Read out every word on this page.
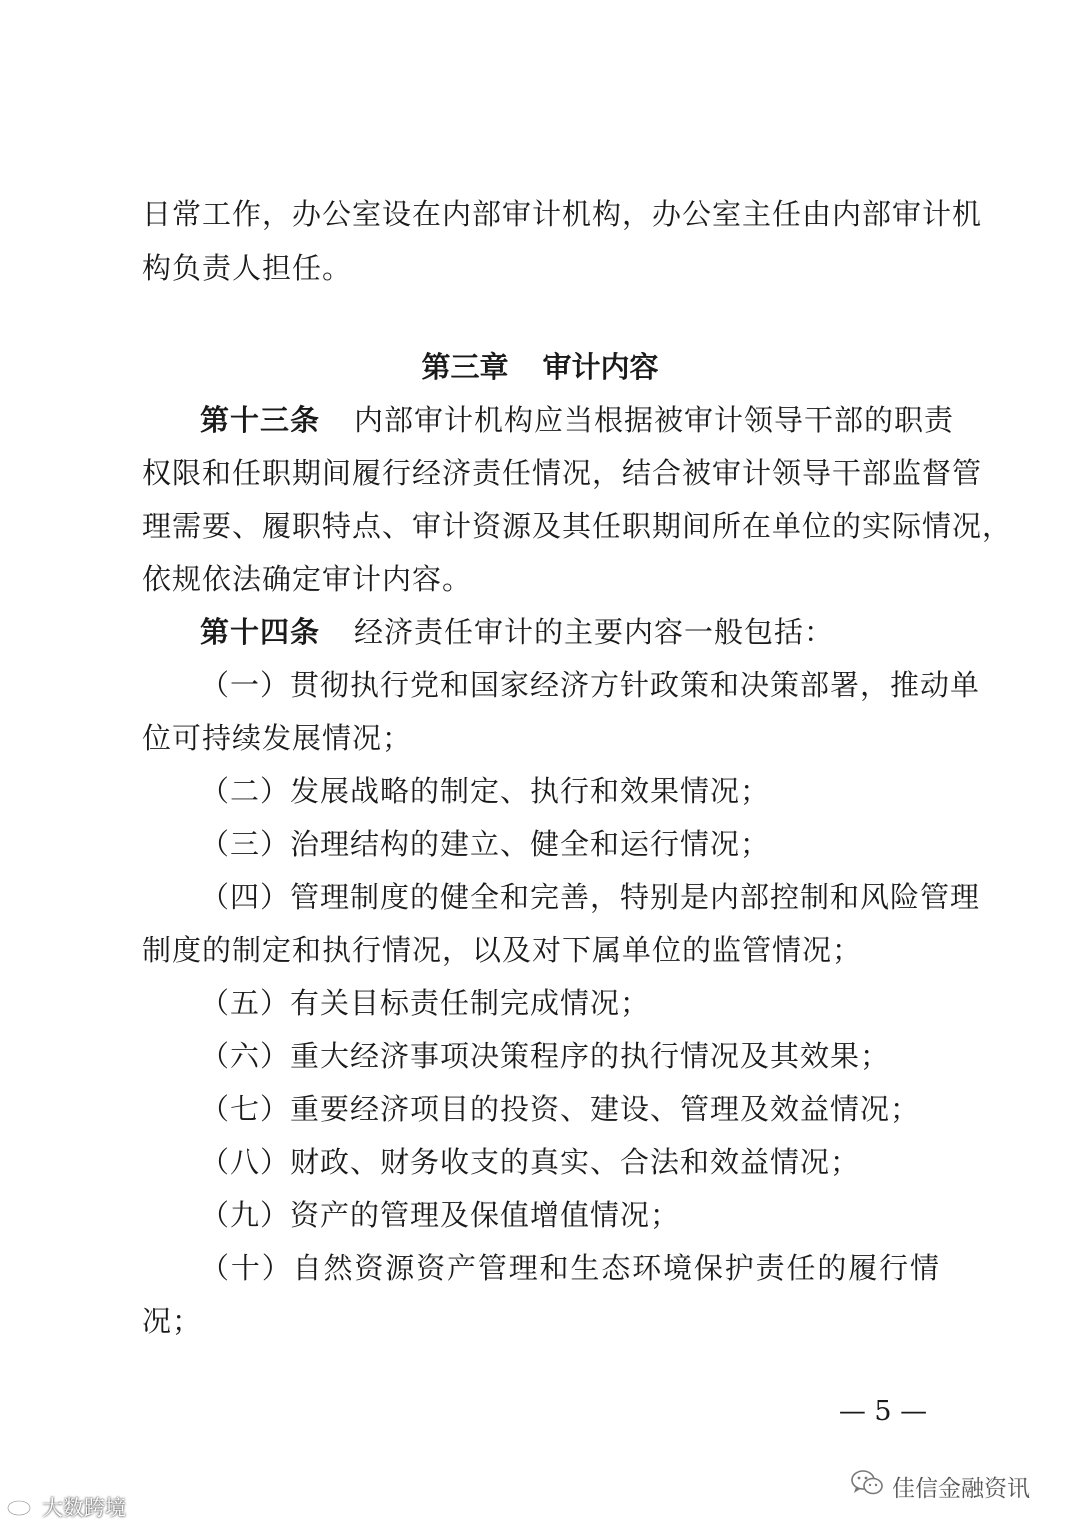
日常工作，办公室设在内部审计机构，办公室主任由内部审计机
构负责人担任。
第三章 审计内容
第十三条 内部审计机构应当根据被审计领导干部的职责
权限和任职期间履行经济责任情况，结合被审计领导干部监督管
理需要、履职特点、审计资源及其任职期间所在单位的实际情况，
依规依法确定审计内容。
第十四条 经济责任审计的主要内容一般包括：
（一）贯彻执行党和国家经济方针政策和决策部署，推动单
位可持续发展情况；
（二）发展战略的制定、执行和效果情况；
（三）治理结构的建立、健全和运行情况；
（四）管理制度的健全和完善，特别是内部控制和风险管理
制度的制定和执行情况，以及对下属单位的监管情况；
（五）有关目标责任制完成情况；
（六）重大经济事项决策程序的执行情况及其效果；
（七）重要经济项目的投资、建设、管理及效益情况；
（八）财政、财务收支的真实、合法和效益情况；
（九）资产的管理及保值增值情况；
（十）自然资源资产管理和生态环境保护责任的履行情
况；
— 5 —
佳信金融资讯
大数跨境
